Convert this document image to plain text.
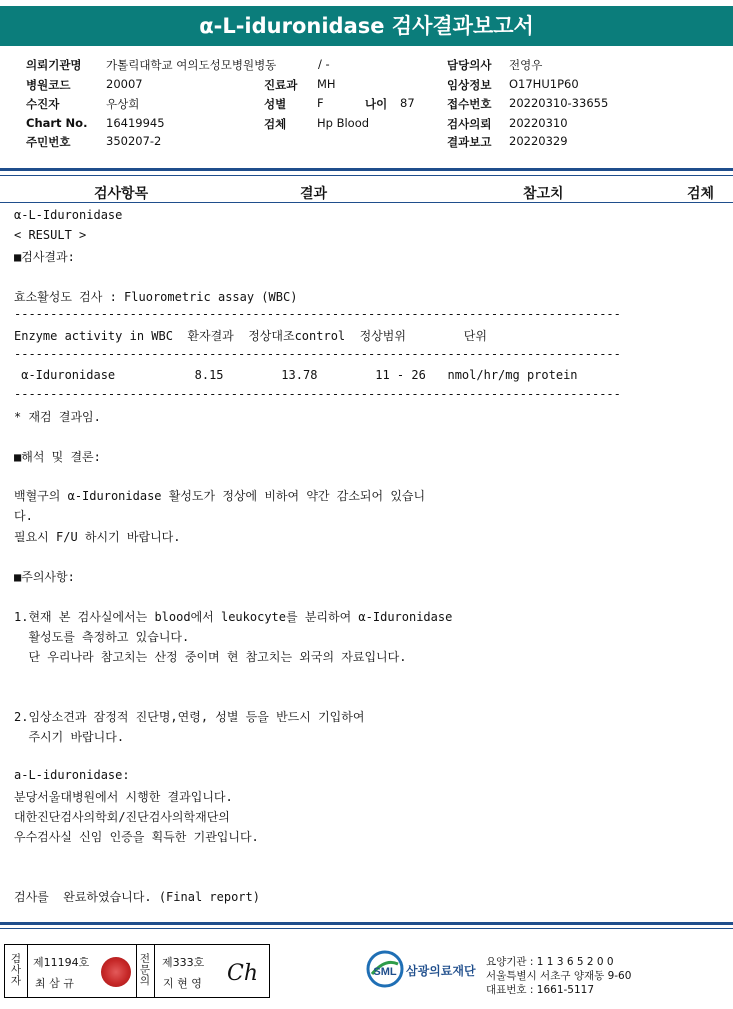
α-L-iduronidase 검사결과보고서
의뢰기관명 가톨릭대학교 여의도성모병원병동	/ -	담당의사 전영우
병원코드	20007	진료과 MH	임상정보 O17HU1P60
수진자	우상희	성별	F	나이 87	접수번호 20220310-33655
Chart No. 16419945	검체	Hp Blood	검사의뢰 20220310
주민번호	350207-2	결과보고 20220329
검사항목	결과	참고치	검체
α-L-Iduronidase
< RESULT >
■검사결과:
효소활성도 검사 : Fluorometric assay (WBC)
------------------------------------------------------------------------------------
Enzyme activity in WBC  환자결과  정상대조control  정상범위        단위
------------------------------------------------------------------------------------
α-Iduronidase           8.15        13.78        11 - 26   nmol/hr/mg protein
------------------------------------------------------------------------------------
* 재검 결과임.
■해석 및 결론:
백혈구의 α-Iduronidase 활성도가 정상에 비하여 약간 감소되어 있습니
다.
필요시 F/U 하시기 바랍니다.
■주의사항:
1.현재 본 검사실에서는 blood에서 leukocyte를 분리하여 α-Iduronidase
활성도를 측정하고 있습니다.
단 우리나라 참고치는 산정 중이며 현 참고치는 외국의 자료입니다.
2.임상소견과 잠정적 진단명,연령, 성별 등을 반드시 기입하여
주시기 바랍니다.
a-L-iduronidase:
분당서울대병원에서 시행한 결과입니다.
대한진단검사의학회/진단검사의학재단의
우수검사실 신임 인증을 획득한 기관입니다.
검사를  완료하였습니다. (Final report)
검
사
자
제11194호
최 삼 규
전
문
의
제333호
지 현 영 Ch	SML 삼광의료재단
요양기관 : 1 1 3 6 5 2 0 0
서울특별시 서초구 양재동 9-60
대표번호 : 1661-5117
